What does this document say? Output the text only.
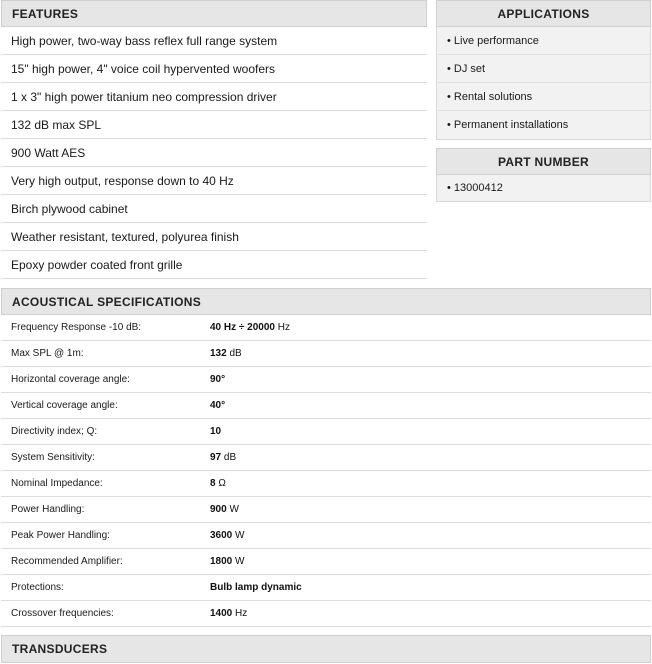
FEATURES
High power, two-way bass reflex full range system
15" high power, 4" voice coil hypervented woofers
1 x 3" high power titanium neo compression driver
132 dB max SPL
900 Watt AES
Very high output, response down to 40 Hz
Birch plywood cabinet
Weather resistant, textured, polyurea finish
Epoxy powder coated front grille
APPLICATIONS
• Live performance
• DJ set
• Rental solutions
• Permanent installations
PART NUMBER
• 13000412
ACOUSTICAL SPECIFICATIONS
Frequency Response -10 dB:	40 Hz ÷ 20000 Hz
Max SPL @ 1m:	132 dB
Horizontal coverage angle:	90°
Vertical coverage angle:	40°
Directivity index; Q:	10
System Sensitivity:	97 dB
Nominal Impedance:	8 Ω
Power Handling:	900 W
Peak Power Handling:	3600 W
Recommended Amplifier:	1800 W
Protections:	Bulb lamp dynamic
Crossover frequencies:	1400 Hz
TRANSDUCERS
